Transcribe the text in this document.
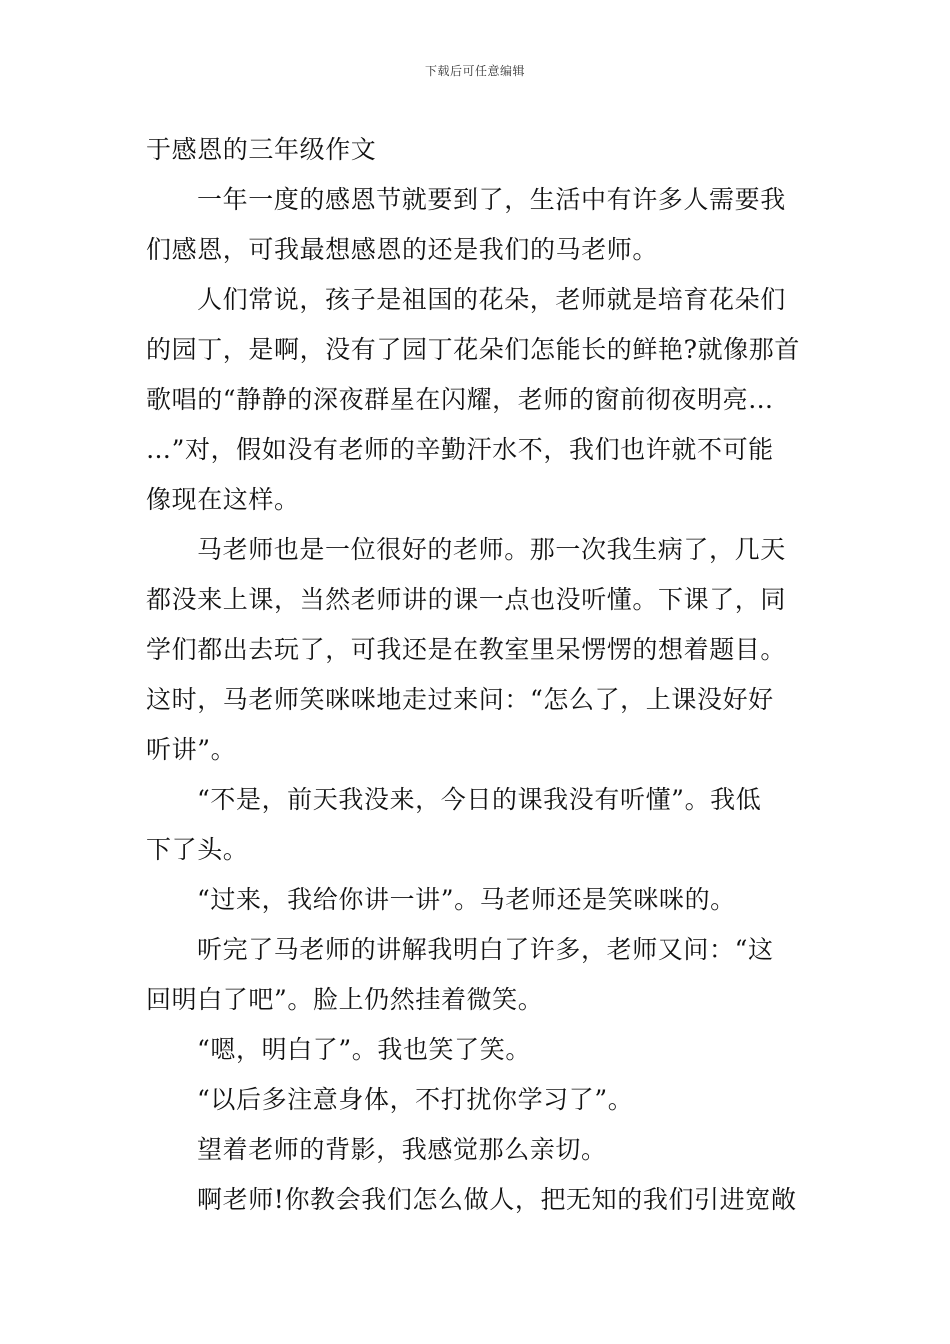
下载后可任意编辑
于感恩的三年级作文
一年一度的感恩节就要到了，生活中有许多人需要我
们感恩，可我最想感恩的还是我们的马老师。
人们常说，孩子是祖国的花朵，老师就是培育花朵们
的园丁，是啊，没有了园丁花朵们怎能长的鲜艳?就像那首
歌唱的“静静的深夜群星在闪耀，老师的窗前彻夜明亮…
…”对，假如没有老师的辛勤汗水不，我们也许就不可能
像现在这样。
马老师也是一位很好的老师。那一次我生病了，几天
都没来上课，当然老师讲的课一点也没听懂。下课了，同
学们都出去玩了，可我还是在教室里呆愣愣的想着题目。
这时，马老师笑咪咪地走过来问：“怎么了，上课没好好
听讲”。
“不是，前天我没来，今日的课我没有听懂”。我低
下了头。
“过来，我给你讲一讲”。马老师还是笑咪咪的。
听完了马老师的讲解我明白了许多，老师又问：“这
回明白了吧”。脸上仍然挂着微笑。
“嗯，明白了”。我也笑了笑。
“以后多注意身体，不打扰你学习了”。
望着老师的背影，我感觉那么亲切。
啊老师!你教会我们怎么做人，把无知的我们引进宽敞
